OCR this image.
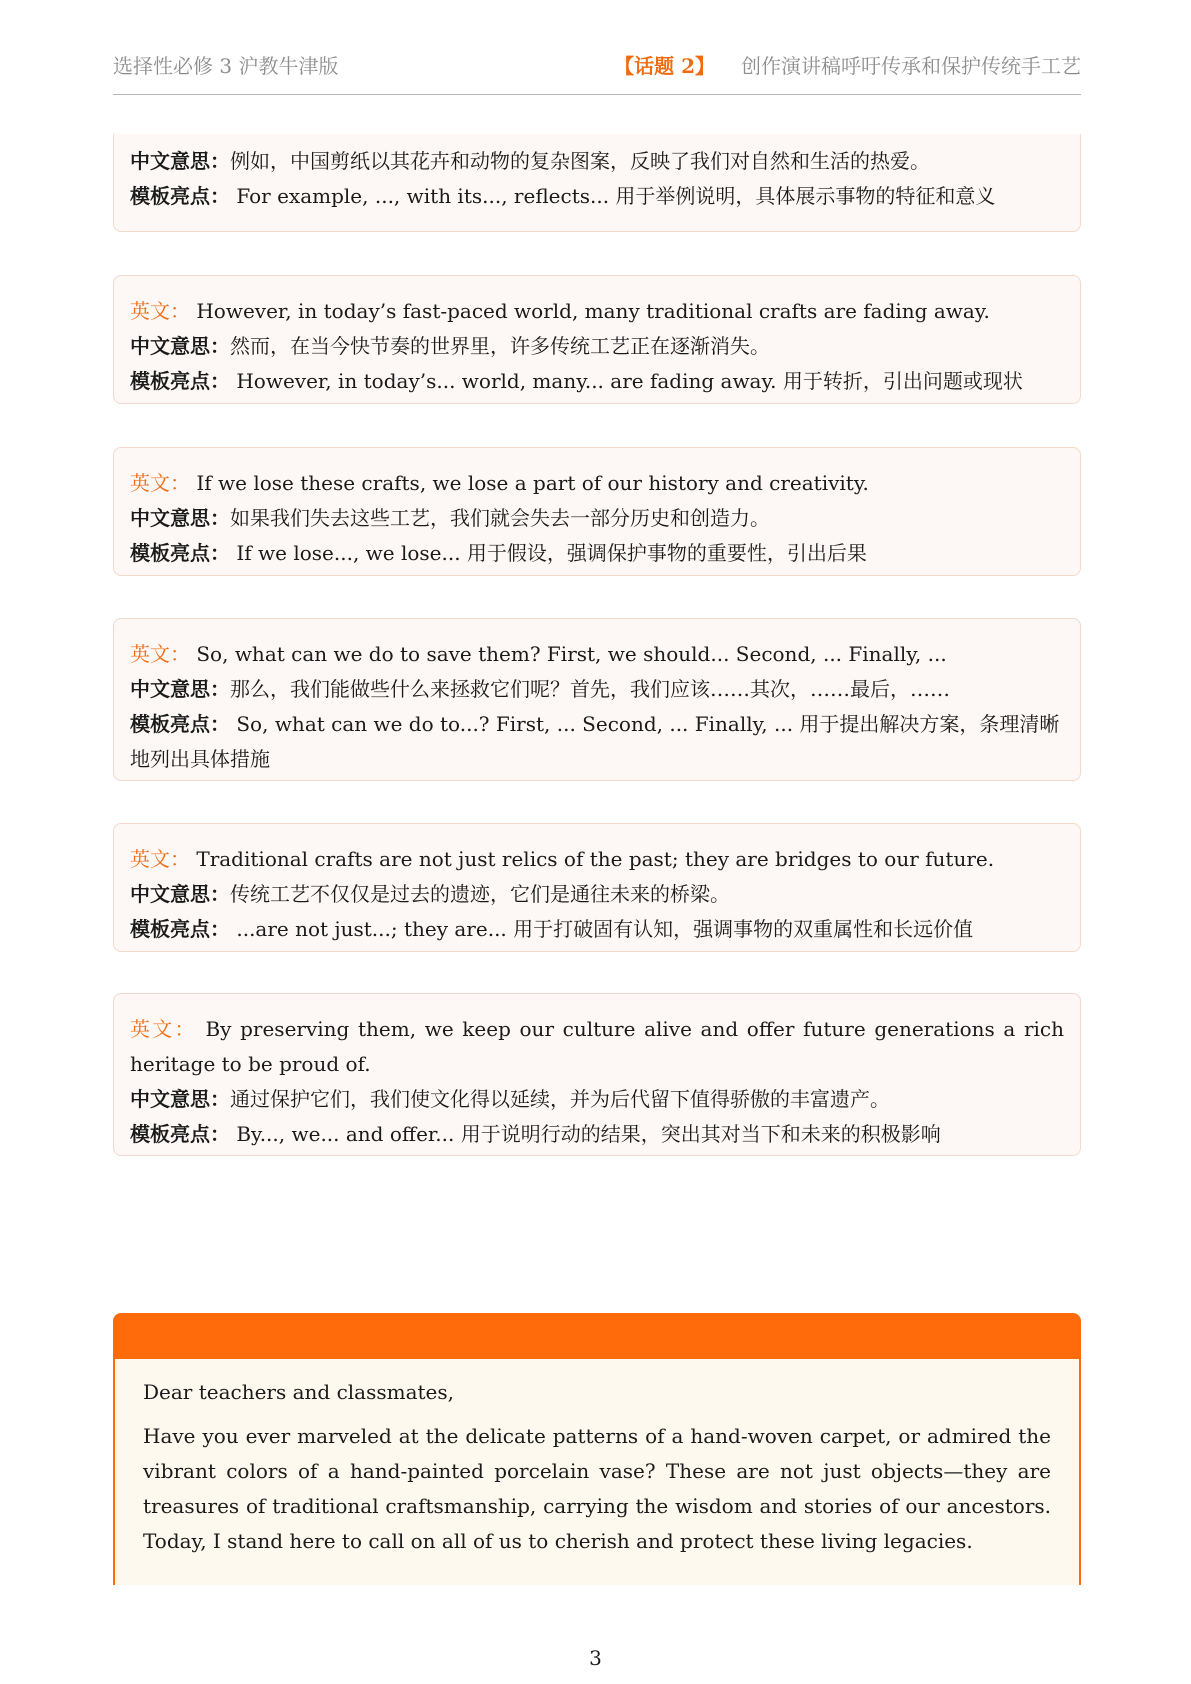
选择性必修 3 沪教牛津版	【话题 2】 创作演讲稿呼吁传承和保护传统手工艺
中文意思：例如，中国剪纸以其花卉和动物的复杂图案，反映了我们对自然和生活的热爱。
模板亮点： For example, ..., with its..., reflects... 用于举例说明，具体展示事物的特征和意义
英文： However, in today’s fast-paced world, many traditional crafts are fading away.
中文意思：然而，在当今快节奏的世界里，许多传统工艺正在逐渐消失。
模板亮点： However, in today’s... world, many... are fading away. 用于转折，引出问题或现状
英文： If we lose these crafts, we lose a part of our history and creativity.
中文意思：如果我们失去这些工艺，我们就会失去一部分历史和创造力。
模板亮点： If we lose..., we lose... 用于假设，强调保护事物的重要性，引出后果
英文： So, what can we do to save them? First, we should... Second, ... Finally, ...
中文意思：那么，我们能做些什么来拯救它们呢？首先，我们应该……其次，……最后，……
模板亮点： So, what can we do to...? First, ... Second, ... Finally, ... 用于提出解决方案，条理清晰地列出具体措施
英文： Traditional crafts are not just relics of the past; they are bridges to our future.
中文意思：传统工艺不仅仅是过去的遗迹，它们是通往未来的桥梁。
模板亮点： ...are not just...; they are... 用于打破固有认知，强调事物的双重属性和长远价值
英文： By preserving them, we keep our culture alive and offer future generations a rich heritage to be proud of.
中文意思：通过保护它们，我们使文化得以延续，并为后代留下值得骄傲的丰富遗产。
模板亮点： By..., we... and offer... 用于说明行动的结果，突出其对当下和未来的积极影响

Dear teachers and classmates,

Have you ever marveled at the delicate patterns of a hand-woven carpet, or admired the vibrant colors of a hand-painted porcelain vase? These are not just objects—they are treasures of traditional craftsmanship, carrying the wisdom and stories of our ancestors. Today, I stand here to call on all of us to cherish and protect these living legacies.

3
